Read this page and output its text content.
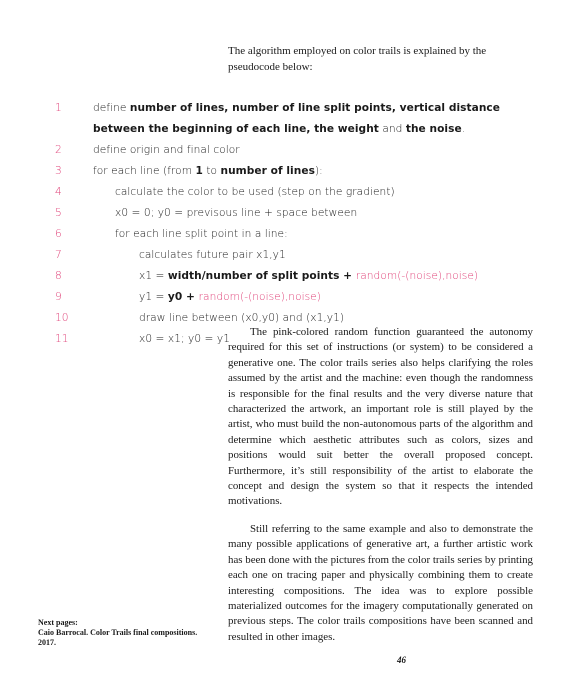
The algorithm employed on color trails is explained by the pseudocode below:
1	define number of lines, number of line split points, vertical distance between the beginning of each line, the weight and the noise.
2	define origin and final color
3	for each line (from 1 to number of lines):
4	calculate the color to be used (step on the gradient)
5	x0 = 0; y0 = previsous line + space between
6	for each line split point in a line:
7	calculates future pair x1,y1
8	x1 = width/number of split points + random(-(noise),noise)
9	y1 = y0 + random(-(noise),noise)
10	draw line between (x0,y0) and (x1,y1)
11	x0 = x1; y0 = y1

The pink-colored random function guaranteed the autonomy required for this set of instructions (or system) to be considered a generative one. The color trails series also helps clarifying the roles assumed by the artist and the machine: even though the randomness is responsible for the final results and the very diverse nature that characterized the artwork, an important role is still played by the artist, who must build the non-autonomous parts of the algorithm and determine which aesthetic attributes such as colors, sizes and positions would suit better the overall proposed concept. Furthermore, it’s still responsibility of the artist to elaborate the concept and design the system so that it respects the intended motivations.

Still referring to the same example and also to demonstrate the many possible applications of generative art, a further artistic work has been done with the pictures from the color trails series by printing each one on tracing paper and physically combining them to create interesting compositions. The idea was to explore possible materialized outcomes for the imagery computationally generated on previous steps. The color trails compositions have been scanned and resulted in other images.

Next pages:
Caio Barrocal. Color Trails final compositions.
2017.
46
